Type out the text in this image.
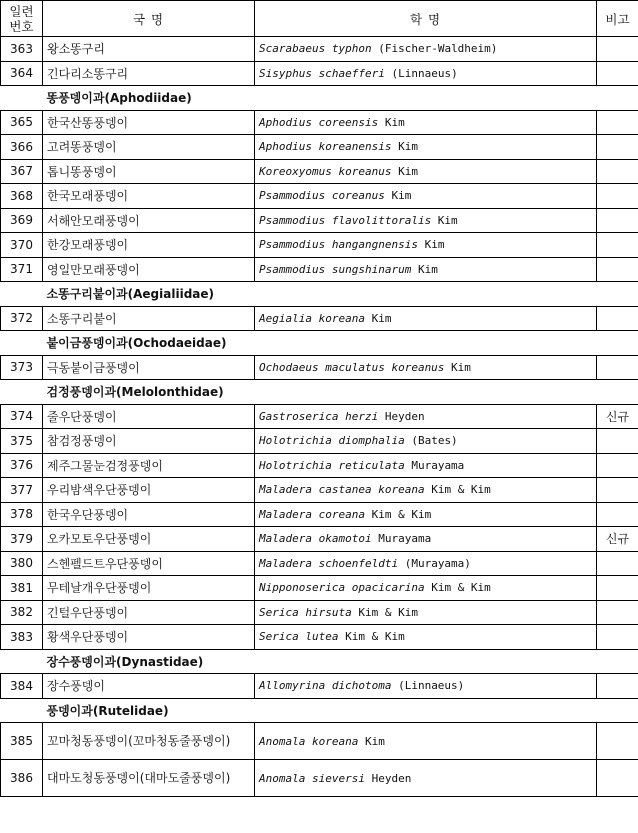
일련
번호	국 명	학 명	비고
363	왕소똥구리	Scarabaeus typhon (Fischer-Waldheim)	
364	긴다리소똥구리	Sisyphus schaefferi (Linnaeus)	
똥풍뎅이과(Aphodiidae)			
365	한국산똥풍뎅이	Aphodius coreensis Kim	
366	고려똥풍뎅이	Aphodius koreanensis Kim	
367	톱니똥풍뎅이	Koreoxyomus koreanus Kim	
368	한국모래풍뎅이	Psammodius coreanus Kim	
369	서해안모래풍뎅이	Psammodius flavolittoralis Kim	
370	한강모래풍뎅이	Psammodius hangangnensis Kim	
371	영일만모래풍뎅이	Psammodius sungshinarum Kim	
소똥구리붙이과(Aegialiidae)			
372	소똥구리붙이	Aegialia koreana Kim	
붙이금풍뎅이과(Ochodaeidae)			
373	극동붙이금풍뎅이	Ochodaeus maculatus koreanus Kim	
검정풍뎅이과(Melolonthidae)			
374	줄우단풍뎅이	Gastroserica herzi Heyden	신규
375	참검정풍뎅이	Holotrichia diomphalia (Bates)	
376	제주그물눈검정풍뎅이	Holotrichia reticulata Murayama	
377	우리밤색우단풍뎅이	Maladera castanea koreana Kim & Kim	
378	한국우단풍뎅이	Maladera coreana Kim & Kim	
379	오카모토우단풍뎅이	Maladera okamotoi Murayama	신규
380	스헨펠드트우단풍뎅이	Maladera schoenfeldti (Murayama)	
381	무테날개우단풍뎅이	Nipponoserica opacicarina Kim & Kim	
382	긴털우단풍뎅이	Serica hirsuta Kim & Kim	
383	황색우단풍뎅이	Serica lutea Kim & Kim	
장수풍뎅이과(Dynastidae)			
384	장수풍뎅이	Allomyrina dichotoma (Linnaeus)	
풍뎅이과(Rutelidae)			
385	꼬마청동풍뎅이(꼬마청동줄풍뎅이)	Anomala koreana Kim	
386	대마도청동풍뎅이(대마도줄풍뎅이)	Anomala sieversi Heyden	
